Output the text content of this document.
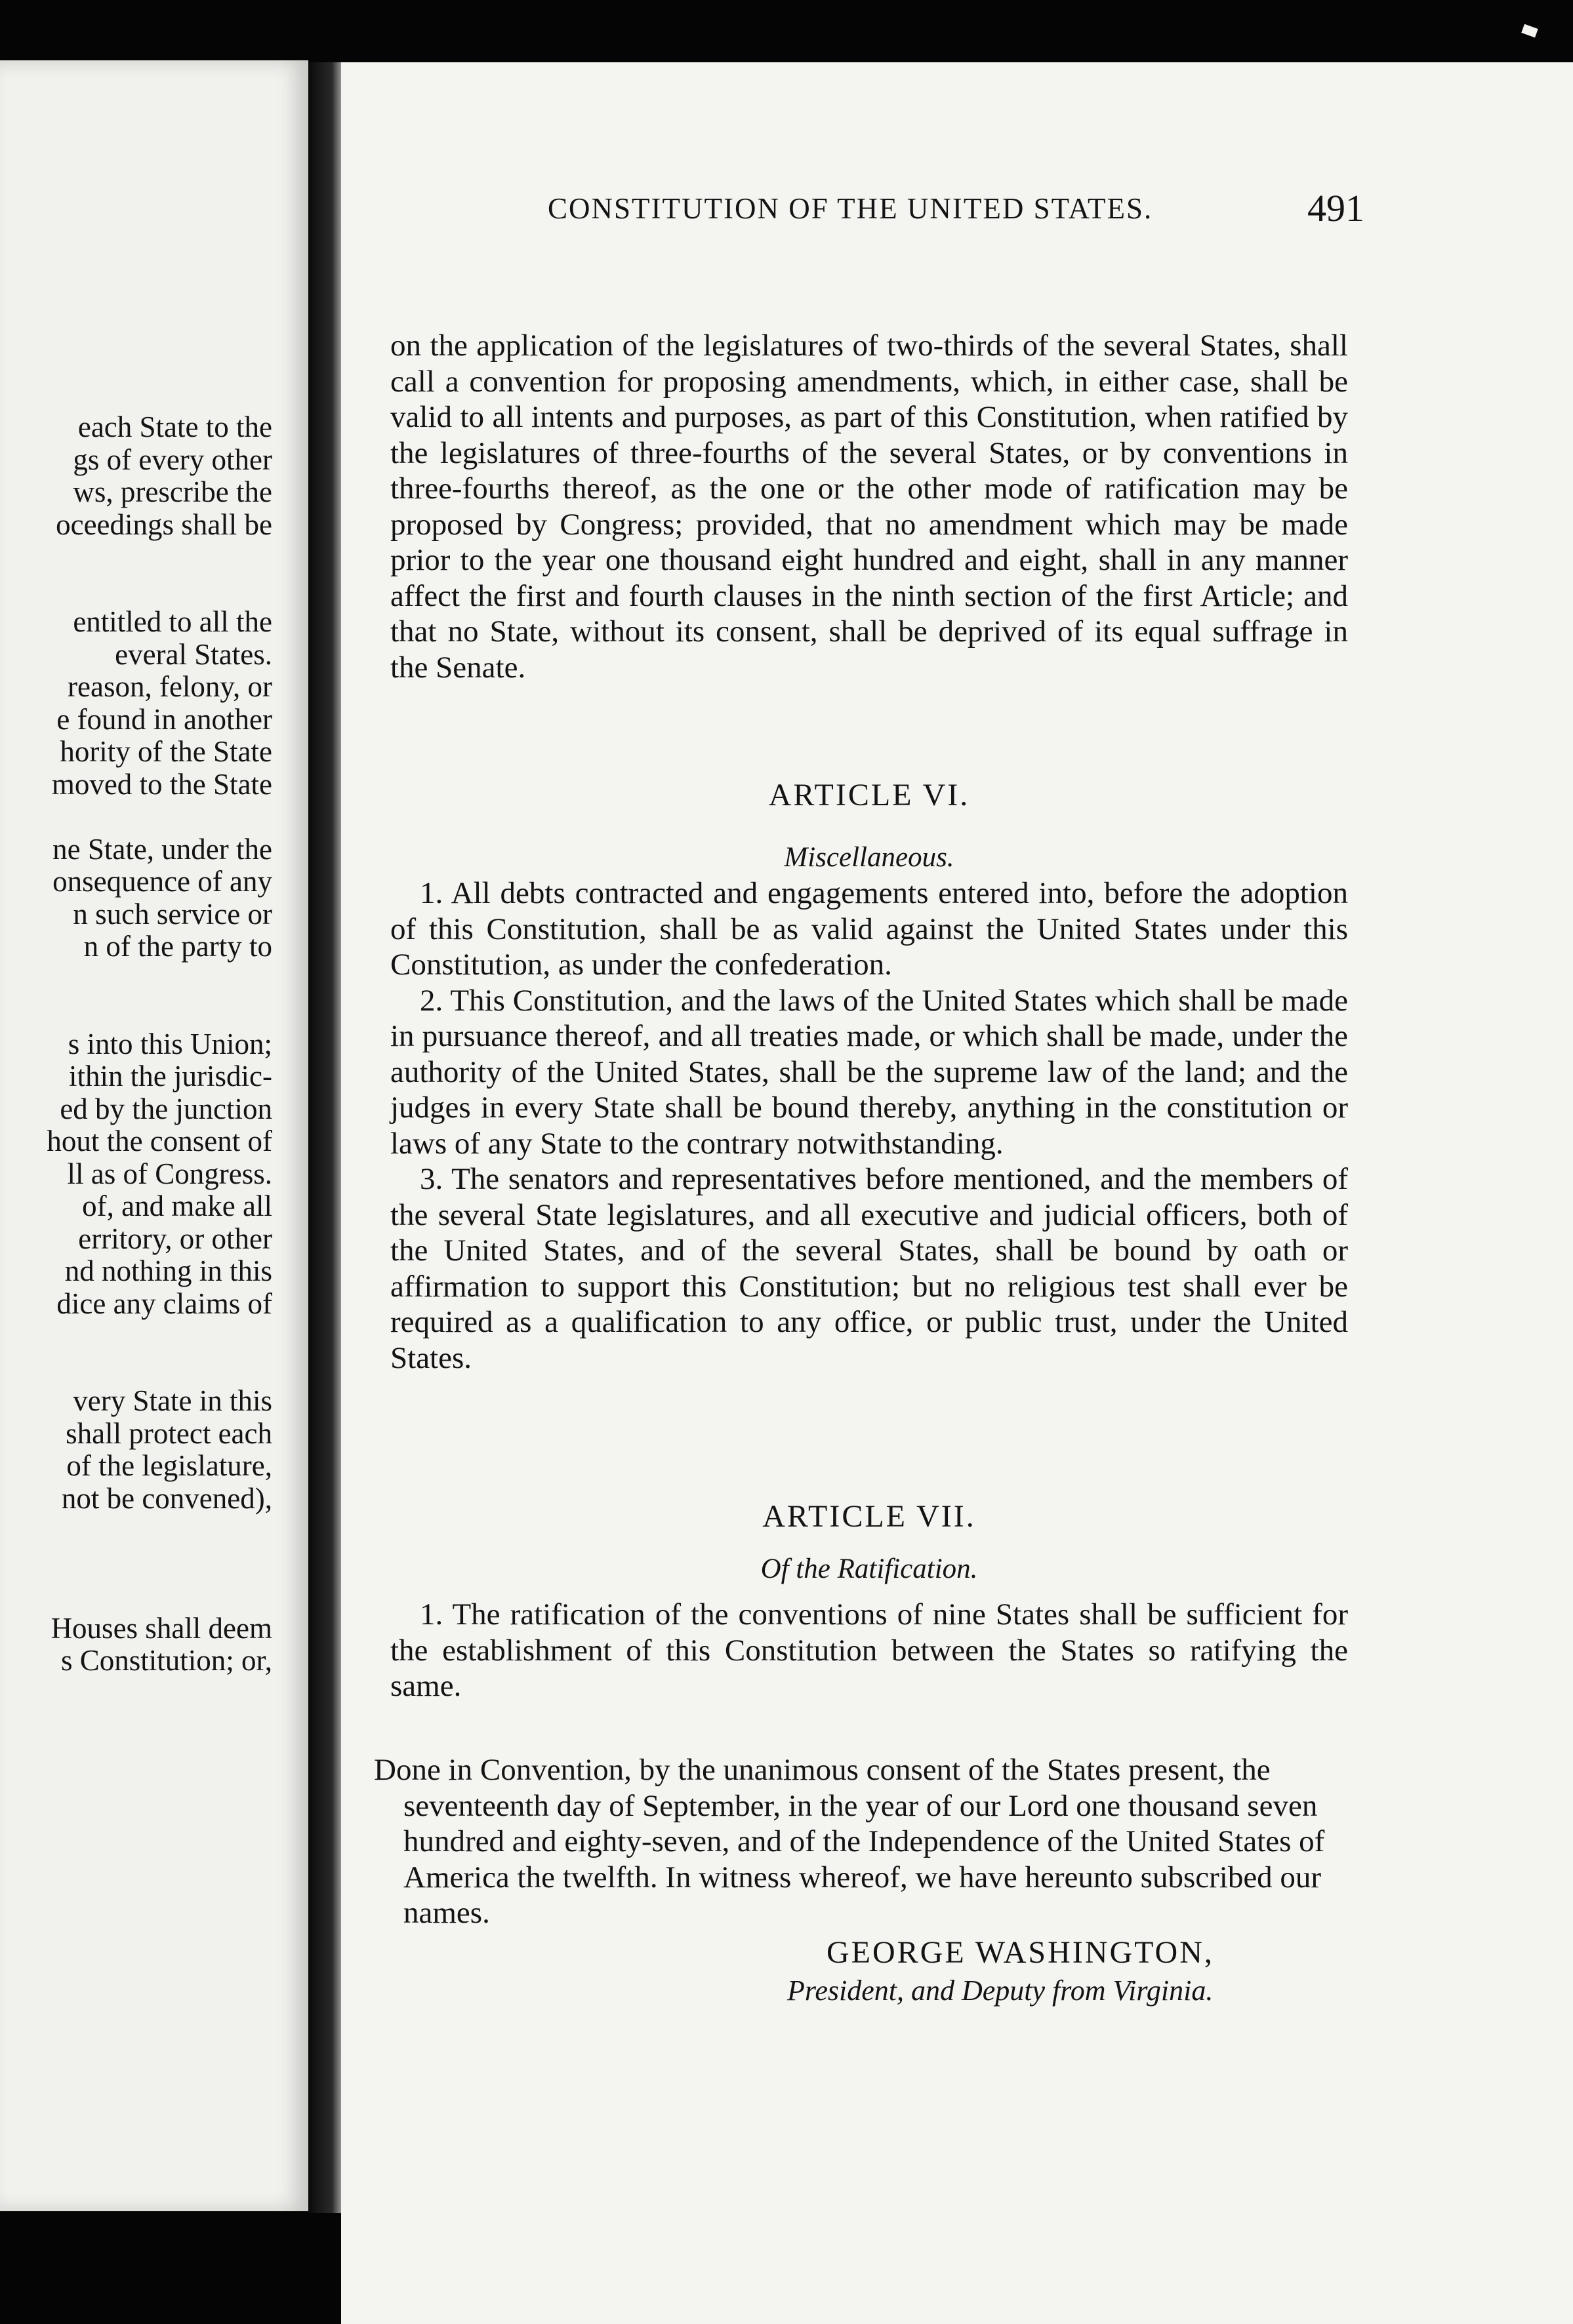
each State to the
gs of every other
ws, prescribe the
oceedings shall be
entitled to all the
everal States.
reason, felony, or
e found in another
hority of the State
moved to the State
ne State, under the
onsequence of any
n such service or
n of the party to
s into this Union;
ithin the jurisdic-
ed by the junction
hout the consent of
ll as of Congress.
of, and make all
erritory, or other
nd nothing in this
dice any claims of
very State in this
shall protect each
of the legislature,
not be convened),
Houses shall deem
s Constitution; or,
CONSTITUTION OF THE UNITED STATES.	491

on the application of the legislatures of two-thirds of the several States, shall call a convention for proposing amendments, which, in either case, shall be valid to all intents and purposes, as part of this Constitution, when ratified by the legislatures of three-fourths of the several States, or by conventions in three-fourths thereof, as the one or the other mode of ratification may be proposed by Congress; provided, that no amendment which may be made prior to the year one thousand eight hundred and eight, shall in any manner affect the first and fourth clauses in the ninth section of the first Article; and that no State, without its consent, shall be deprived of its equal suffrage in the Senate.

ARTICLE VI.
Miscellaneous.

1. All debts contracted and engagements entered into, before the adoption of this Constitution, shall be as valid against the United States under this Constitution, as under the confederation.

2. This Constitution, and the laws of the United States which shall be made in pursuance thereof, and all treaties made, or which shall be made, under the authority of the United States, shall be the supreme law of the land; and the judges in every State shall be bound thereby, anything in the constitution or laws of any State to the contrary notwithstanding.

3. The senators and representatives before mentioned, and the members of the several State legislatures, and all executive and judicial officers, both of the United States, and of the several States, shall be bound by oath or affirmation to support this Constitution; but no religious test shall ever be required as a qualification to any office, or public trust, under the United States.

ARTICLE VII.
Of the Ratification.

1. The ratification of the conventions of nine States shall be sufficient for the establishment of this Constitution between the States so ratifying the same.

Done in Convention, by the unanimous consent of the States present, the seventeenth day of September, in the year of our Lord one thousand seven hundred and eighty-seven, and of the Independence of the United States of America the twelfth. In witness whereof, we have hereunto subscribed our names.

GEORGE WASHINGTON,
President, and Deputy from Virginia.
